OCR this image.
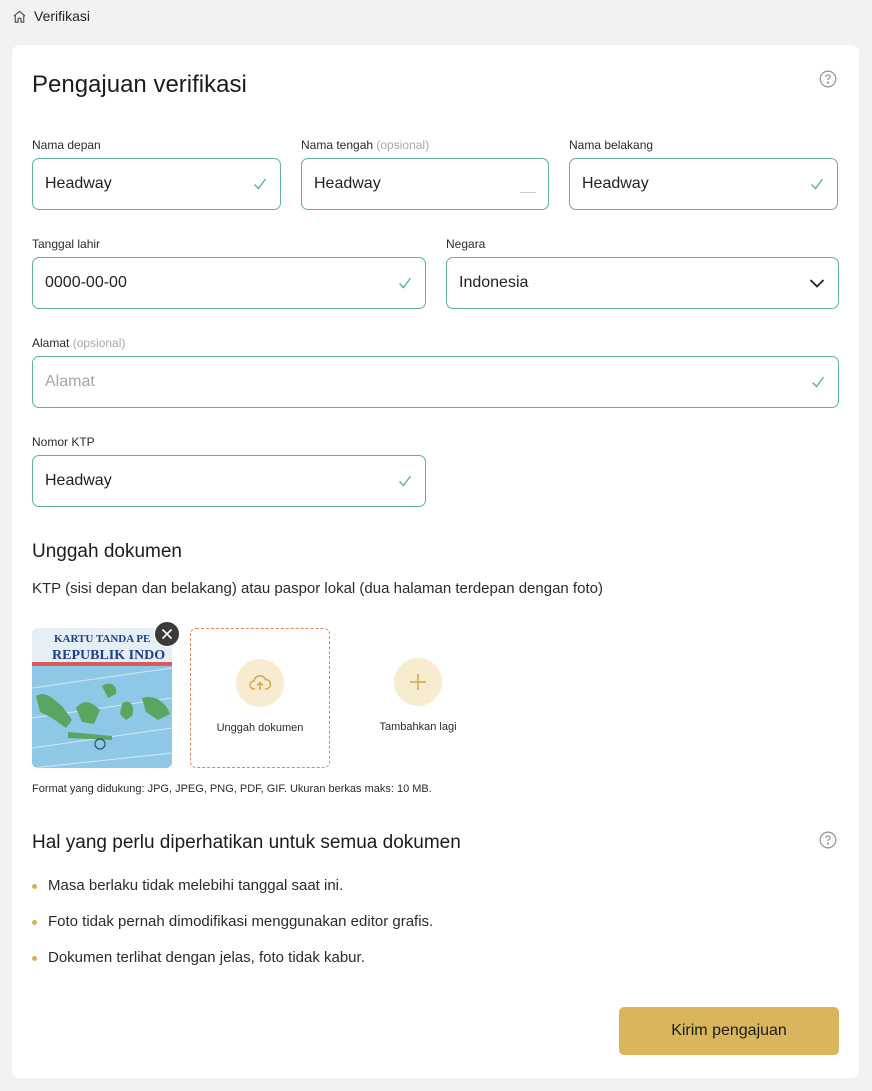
Verifikasi
Pengajuan verifikasi
Nama depan
Headway
Nama tengah (opsional)
Headway
Nama belakang
Headway
Tanggal lahir
0000-00-00
Negara
Indonesia
Alamat (opsional)
Alamat
Nomor KTP
Headway
Unggah dokumen
KTP (sisi depan dan belakang) atau paspor lokal (dua halaman terdepan dengan foto)
KARTU TANDA PE
REPUBLIK INDO
Unggah dokumen	Tambahkan lagi
Format yang didukung: JPG, JPEG, PNG, PDF, GIF. Ukuran berkas maks: 10 MB.
Hal yang perlu diperhatikan untuk semua dokumen
Masa berlaku tidak melebihi tanggal saat ini.
Foto tidak pernah dimodifikasi menggunakan editor grafis.
Dokumen terlihat dengan jelas, foto tidak kabur.
Kirim pengajuan
